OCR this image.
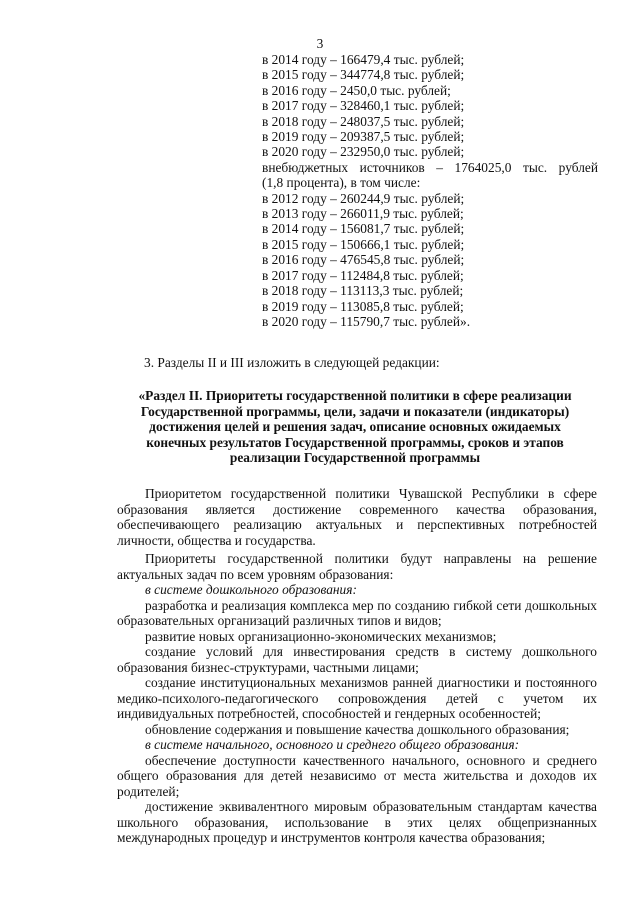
3
в 2014 году – 166479,4 тыс. рублей;
в 2015 году – 344774,8 тыс. рублей;
в 2016 году – 2450,0 тыс. рублей;
в 2017 году – 328460,1 тыс. рублей;
в 2018 году – 248037,5 тыс. рублей;
в 2019 году – 209387,5 тыс. рублей;
в 2020 году – 232950,0 тыс. рублей;
внебюджетных источников – 1764025,0 тыс. рублей
(1,8 процента), в том числе:
в 2012 году – 260244,9 тыс. рублей;
в 2013 году – 266011,9 тыс. рублей;
в 2014 году – 156081,7 тыс. рублей;
в 2015 году – 150666,1 тыс. рублей;
в 2016 году – 476545,8 тыс. рублей;
в 2017 году – 112484,8 тыс. рублей;
в 2018 году – 113113,3 тыс. рублей;
в 2019 году – 113085,8 тыс. рублей;
в 2020 году – 115790,7 тыс. рублей».
3. Разделы II и III изложить в следующей редакции:
«Раздел II. Приоритеты государственной политики в сфере реализации Государственной программы, цели, задачи и показатели (индикаторы) достижения целей и решения задач, описание основных ожидаемых конечных результатов Государственной программы, сроков и этапов реализации Государственной программы

Приоритетом государственной политики Чувашской Республики в сфере образования является достижение современного качества образования, обеспечивающего реализацию актуальных и перспективных потребностей личности, общества и государства.

Приоритеты государственной политики будут направлены на решение актуальных задач по всем уровням образования:

в системе дошкольного образования:

разработка и реализация комплекса мер по созданию гибкой сети дошкольных образовательных организаций различных типов и видов;

развитие новых организационно-экономических механизмов;

создание условий для инвестирования средств в систему дошкольного образования бизнес-структурами, частными лицами;

создание институциональных механизмов ранней диагностики и постоянного медико-психолого-педагогического сопровождения детей с учетом их индивидуальных потребностей, способностей и гендерных особенностей;

обновление содержания и повышение качества дошкольного образования;

в системе начального, основного и среднего общего образования:

обеспечение доступности качественного начального, основного и среднего общего образования для детей независимо от места жительства и доходов их родителей;

достижение эквивалентного мировым образовательным стандартам качества школьного образования, использование в этих целях общепризнанных международных процедур и инструментов контроля качества образования;
